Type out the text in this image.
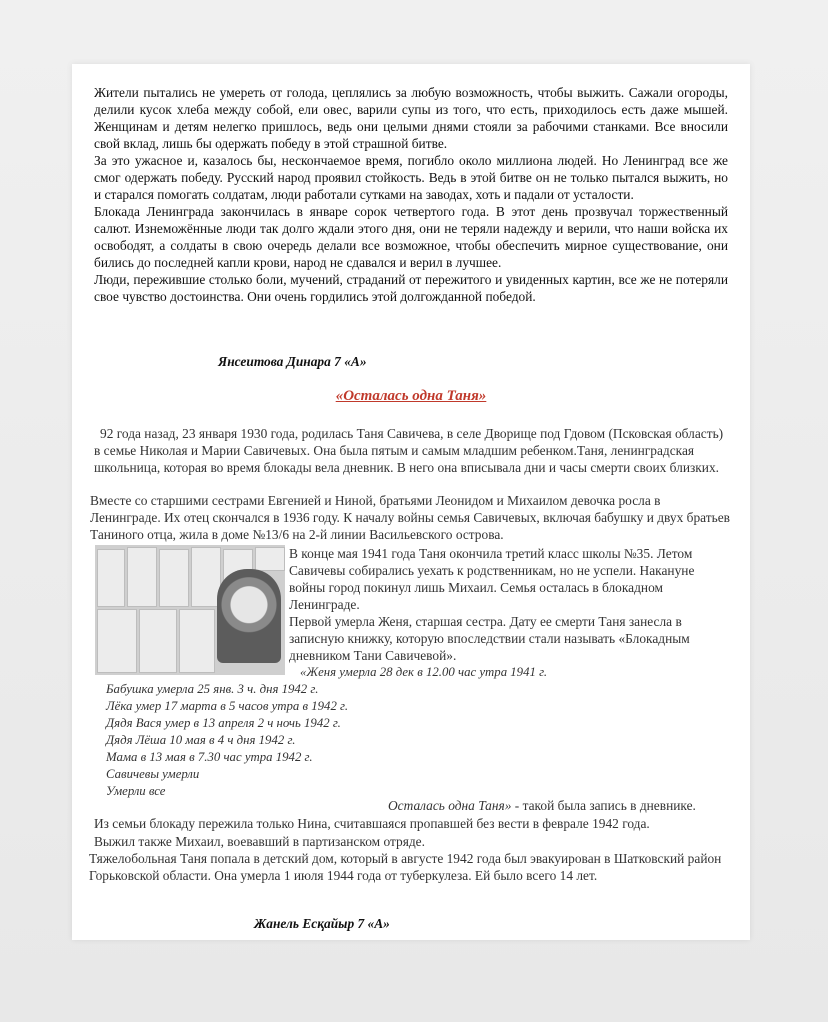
Жители пытались не умереть от голода, цеплялись за любую возможность, чтобы выжить. Сажали огороды, делили кусок хлеба между собой, ели овес, варили супы из того, что есть, приходилось есть даже мышей. Женщинам и детям нелегко пришлось, ведь они целыми днями стояли за рабочими станками. Все вносили свой вклад, лишь бы одержать победу в этой страшной битве.

За это ужасное и, казалось бы, нескончаемое время, погибло около миллиона людей. Но Ленинград все же смог одержать победу. Русский народ проявил стойкость. Ведь в этой битве он не только пытался выжить, но и старался помогать солдатам, люди работали сутками на заводах, хоть и падали от усталости.

Блокада Ленинграда закончилась в январе сорок четвертого года. В этот день прозвучал торжественный салют. Изнеможённые люди так долго ждали этого дня, они не теряли надежду и верили, что наши войска их освободят, а солдаты в свою очередь делали все возможное, чтобы обеспечить мирное существование, они бились до последней капли крови, народ не сдавался и верил в лучшее.

Люди, пережившие столько боли, мучений, страданий от пережитого и увиденных картин, все же не потеряли свое чувство достоинства. Они очень гордились этой долгожданной победой.

Янсеитова Динара 7 «А»
«Осталась одна Таня»
92 года назад, 23 января 1930 года, родилась Таня Савичева, в селе Дворище под Гдовом (Псковская область) в семье Николая и Марии Савичевых. Она была пятым и самым младшим ребенком.Таня, ленинградская школьница, которая во время блокады вела дневник. В него она вписывала дни и часы смерти своих близких.
Вместе со старшими сестрами Евгенией и Ниной, братьями Леонидом и Михаилом девочка росла в Ленинграде. Их отец скончался в 1936 году. К началу войны семья Савичевых, включая бабушку и двух братьев Таниного отца, жила в доме №13/6 на 2-й линии Васильевского острова.
В конце мая 1941 года Таня окончила третий класс школы №35. Летом Савичевы собирались уехать к родственникам, но не успели. Накануне войны город покинул лишь Михаил. Семья осталась в блокадном Ленинграде.
Первой умерла Женя, старшая сестра. Дату ее смерти Таня занесла в записную книжку, которую впоследствии стали называть «Блокадным дневником Тани Савичевой».
«Женя умерла 28 дек в 12.00 час утра 1941 г.
Бабушка умерла 25 янв. 3 ч. дня 1942 г.
Лёка умер 17 марта в 5 часов утра в 1942 г.
Дядя Вася умер в 13 апреля 2 ч ночь 1942 г.
Дядя Лёша 10 мая в 4 ч дня 1942 г.
Мама в 13 мая в 7.30 час утра 1942 г.
Савичевы умерли
Умерли все
Осталась одна Таня» - такой была запись в дневнике.
Из семьи блокаду пережила только Нина, считавшаяся пропавшей без вести в феврале 1942 года.
Выжил также Михаил, воевавший в партизанском отряде.
Тяжелобольная Таня попала в детский дом, который в августе 1942 года был эвакуирован в Шатковский район Горьковской области. Она умерла 1 июля 1944 года от туберкулеза. Ей было всего 14 лет.
Жанель Есқайыр 7 «А»
